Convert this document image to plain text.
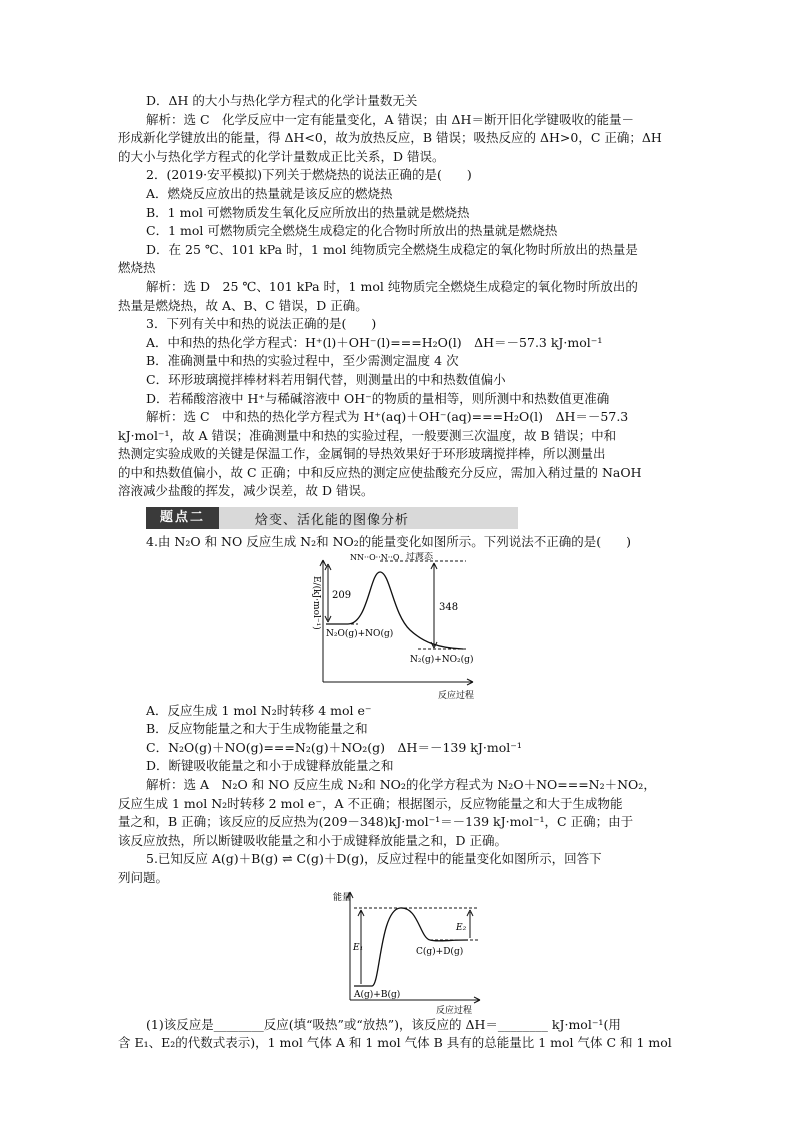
D．ΔH 的大小与热化学方程式的化学计量数无关
解析：选 C　化学反应中一定有能量变化，A 错误；由 ΔH＝断开旧化学键吸收的能量－
形成新化学键放出的能量，得 ΔH<0，故为放热反应，B 错误；吸热反应的 ΔH>0，C 正确；ΔH
的大小与热化学方程式的化学计量数成正比关系，D 错误。
2．(2019·安平模拟)下列关于燃烧热的说法正确的是(　　)
A．燃烧反应放出的热量就是该反应的燃烧热
B．1 mol 可燃物质发生氧化反应所放出的热量就是燃烧热
C．1 mol 可燃物质完全燃烧生成稳定的化合物时所放出的热量就是燃烧热
D．在 25 ℃、101 kPa 时，1 mol 纯物质完全燃烧生成稳定的氧化物时所放出的热量是
燃烧热
解析：选 D　25 ℃、101 kPa 时，1 mol 纯物质完全燃烧生成稳定的氧化物时所放出的
热量是燃烧热，故 A、B、C 错误，D 正确。
3．下列有关中和热的说法正确的是(　　)
A．中和热的热化学方程式：H⁺(l)＋OH⁻(l)===H₂O(l)　ΔH＝－57.3 kJ·mol⁻¹
B．准确测量中和热的实验过程中，至少需测定温度 4 次
C．环形玻璃搅拌棒材料若用铜代替，则测量出的中和热数值偏小
D．若稀酸溶液中 H⁺与稀碱溶液中 OH⁻的物质的量相等，则所测中和热数值更准确
解析：选 C　中和热的热化学方程式为 H⁺(aq)＋OH⁻(aq)===H₂O(l)　ΔH＝－57.3
kJ·mol⁻¹，故 A 错误；准确测量中和热的实验过程，一般要测三次温度，故 B 错误；中和
热测定实验成败的关键是保温工作，金属铜的导热效果好于环形玻璃搅拌棒，所以测量出
的中和热数值偏小，故 C 正确；中和反应热的测定应使盐酸充分反应，需加入稍过量的 NaOH
溶液减少盐酸的挥发，减少误差，故 D 错误。
题点二	焓变、活化能的图像分析
4.由 N₂O 和 NO 反应生成 N₂和 NO₂的能量变化如图所示。下列说法不正确的是(　　)
E/(kJ·mol⁻¹) 209
348
过渡态
NN··O··N··O
N₂O(g)+NO(g)
N₂(g)+NO₂(g)
反应过程
A．反应生成 1 mol N₂时转移 4 mol e⁻
B．反应物能量之和大于生成物能量之和
C．N₂O(g)＋NO(g)===N₂(g)＋NO₂(g)　ΔH＝－139 kJ·mol⁻¹
D．断键吸收能量之和小于成键释放能量之和
解析：选 A　N₂O 和 NO 反应生成 N₂和 NO₂的化学方程式为 N₂O＋NO===N₂＋NO₂，
反应生成 1 mol N₂时转移 2 mol e⁻，A 不正确；根据图示，反应物能量之和大于生成物能
量之和，B 正确；该反应的反应热为(209－348)kJ·mol⁻¹＝－139 kJ·mol⁻¹，C 正确；由于
该反应放热，所以断键吸收能量之和小于成键释放能量之和，D 正确。
5.已知反应 A(g)＋B(g) ⇌ C(g)＋D(g)，反应过程中的能量变化如图所示，回答下
列问题。
能量
E₁
E₂
A(g)+B(g)
C(g)+D(g)
反应过程
(1)该反应是________反应(填“吸热”或“放热”)，该反应的 ΔH＝________ kJ·mol⁻¹(用
含 E₁、E₂的代数式表示)，1 mol 气体 A 和 1 mol 气体 B 具有的总能量比 1 mol 气体 C 和 1 mol
